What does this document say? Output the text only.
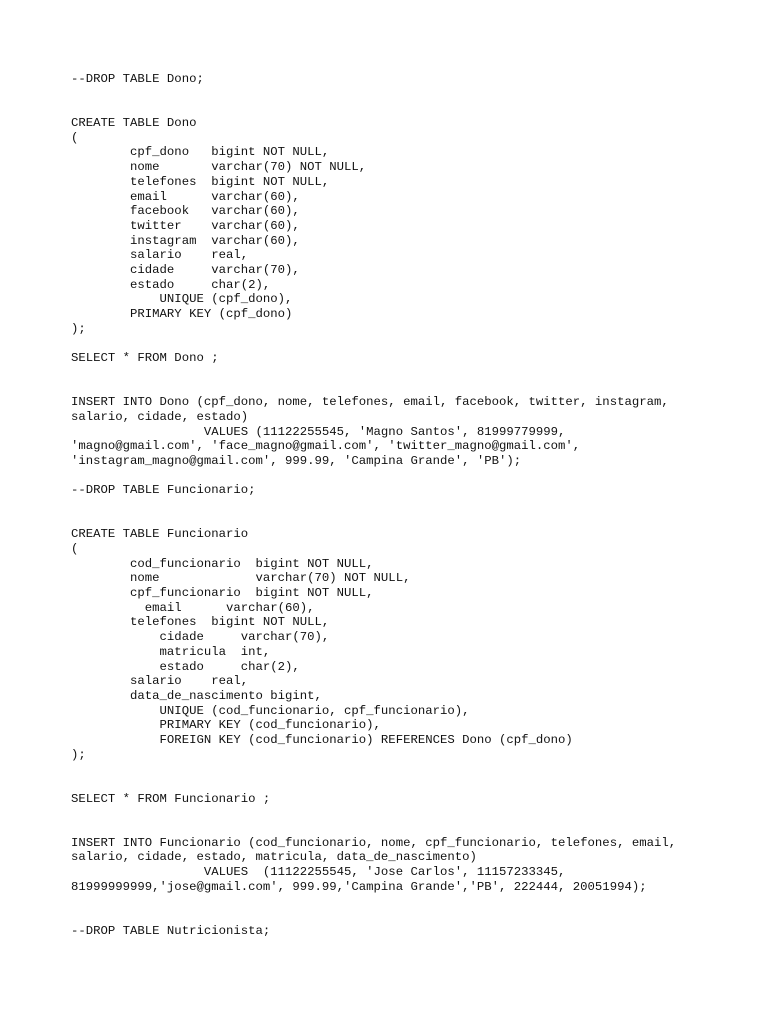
--DROP TABLE Dono;
CREATE TABLE Dono
(
cpf_dono   bigint NOT NULL,
nome       varchar(70) NOT NULL,
telefones  bigint NOT NULL,
email      varchar(60),
facebook   varchar(60),
twitter    varchar(60),
instagram  varchar(60),
salario    real,
cidade     varchar(70),
estado     char(2),
UNIQUE (cpf_dono),
PRIMARY KEY (cpf_dono)
);
SELECT * FROM Dono ;
INSERT INTO Dono (cpf_dono, nome, telefones, email, facebook, twitter, instagram,
salario, cidade, estado)
VALUES (11122255545, 'Magno Santos', 81999779999,
'magno@gmail.com', 'face_magno@gmail.com', 'twitter_magno@gmail.com',
'instagram_magno@gmail.com', 999.99, 'Campina Grande', 'PB');
--DROP TABLE Funcionario;
CREATE TABLE Funcionario
(
cod_funcionario  bigint NOT NULL,
nome             varchar(70) NOT NULL,
cpf_funcionario  bigint NOT NULL,
email      varchar(60),
telefones  bigint NOT NULL,
cidade     varchar(70),
matricula  int,
estado     char(2),
salario    real,
data_de_nascimento bigint,
UNIQUE (cod_funcionario, cpf_funcionario),
PRIMARY KEY (cod_funcionario),
FOREIGN KEY (cod_funcionario) REFERENCES Dono (cpf_dono)
);
SELECT * FROM Funcionario ;
INSERT INTO Funcionario (cod_funcionario, nome, cpf_funcionario, telefones, email,
salario, cidade, estado, matricula, data_de_nascimento)
VALUES  (11122255545, 'Jose Carlos', 11157233345,
81999999999,'jose@gmail.com', 999.99,'Campina Grande','PB', 222444, 20051994);
--DROP TABLE Nutricionista;
